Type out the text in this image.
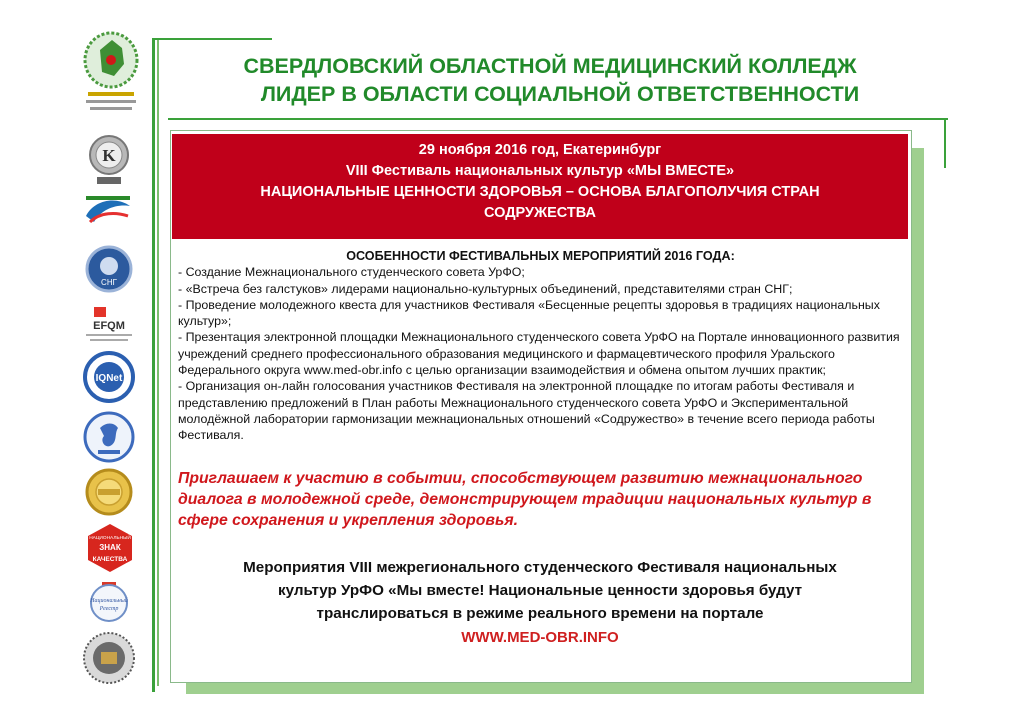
K
СНГ
EFQM
IQNet
НАЦИОНАЛЬНЫЙ
ЗНАК
КАЧЕСТВА
Национальный
Реестр
СВЕРДЛОВСКИЙ ОБЛАСТНОЙ МЕДИЦИНСКИЙ КОЛЛЕДЖ
ЛИДЕР В ОБЛАСТИ СОЦИАЛЬНОЙ ОТВЕТСТВЕННОСТИ
29 ноября 2016 год, Екатеринбург
VIII Фестиваль национальных культур «МЫ ВМЕСТЕ»
НАЦИОНАЛЬНЫЕ ЦЕННОСТИ ЗДОРОВЬЯ – ОСНОВА БЛАГОПОЛУЧИЯ СТРАН
СОДРУЖЕСТВА
ОСОБЕННОСТИ ФЕСТИВАЛЬНЫХ МЕРОПРИЯТИЙ 2016 ГОДА:

- Создание Межнационального студенческого совета УрФО;

- «Встреча без галстуков» лидерами национально-культурных объединений, представителями стран СНГ;

- Проведение молодежного квеста для участников Фестиваля «Бесценные рецепты здоровья в традициях национальных культур»;

- Презентация электронной площадки Межнационального студенческого совета УрФО на Портале инновационного развития учреждений среднего профессионального образования медицинского и фармацевтического профиля Уральского Федерального округа www.med-obr.info с целью организации взаимодействия и обмена опытом лучших практик;

- Организация он-лайн голосования участников Фестиваля на электронной площадке по итогам работы Фестиваля и представлению предложений в План работы Межнационального студенческого совета УрФО и Экспериментальной молодёжной лаборатории гармонизации межнациональных отношений «Содружество» в течение всего периода работы Фестиваля.

Приглашаем к участию в событии, способствующем развитию межнационального диалога в молодежной среде, демонстрирующем традиции национальных культур в сфере сохранения и укрепления здоровья.
Мероприятия VIII межрегионального студенческого Фестиваля национальных
культур УрФО «Мы вместе! Национальные ценности здоровья будут
транслироваться в режиме реального времени на портале
WWW.MED-OBR.INFO
